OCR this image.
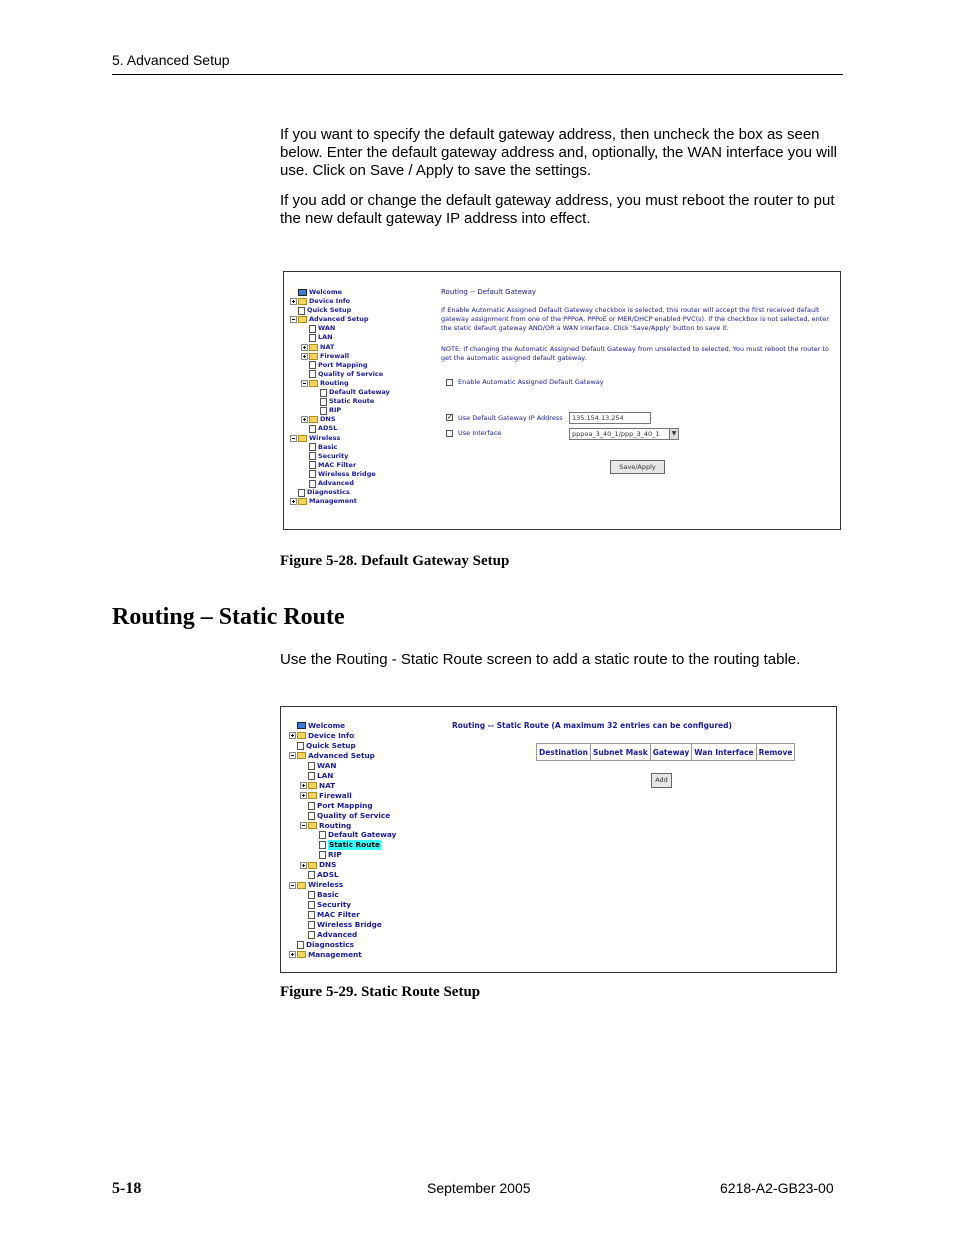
5. Advanced Setup

If you want to specify the default gateway address, then uncheck the box as seen below. Enter the default gateway address and, optionally, the WAN interface you will use. Click on Save / Apply to save the settings.

If you add or change the default gateway address, you must reboot the router to put the new default gateway IP address into effect.

Welcome
Device Info
Quick Setup
Advanced Setup
WAN
LAN
NAT
Firewall
Port Mapping
Quality of Service
Routing
Default Gateway
Static Route
RIP
DNS
ADSL
Wireless
Basic
Security
MAC Filter
Wireless Bridge
Advanced
Diagnostics
Management
Routing -- Default Gateway
If Enable Automatic Assigned Default Gateway checkbox is selected, this router will accept the first received default gateway assignment from one of the PPPoA, PPPoE or MER/DHCP enabled PVC(s). If the checkbox is not selected, enter the static default gateway AND/OR a WAN interface. Click 'Save/Apply' button to save it.
NOTE: If changing the Automatic Assigned Default Gateway from unselected to selected, You must reboot the router to get the automatic assigned default gateway.
Enable Automatic Assigned Default Gateway
✓ Use Default Gateway IP Address	135.154.13.254
Use Interface	pppoa_3_40_1/ppp_3_40_1	▼
Save/Apply
Figure 5-28. Default Gateway Setup
Routing – Static Route

Use the Routing - Static Route screen to add a static route to the routing table.

Welcome
Device Info
Quick Setup
Advanced Setup
WAN
LAN
NAT
Firewall
Port Mapping
Quality of Service
Routing
Default Gateway
Static Route
RIP
DNS
ADSL
Wireless
Basic
Security
MAC Filter
Wireless Bridge
Advanced
Diagnostics
Management
Routing -- Static Route (A maximum 32 entries can be configured)
Destination	Subnet Mask	Gateway	Wan Interface	Remove
Add
Figure 5-29. Static Route Setup
5-18	September 2005	6218-A2-GB23-00
